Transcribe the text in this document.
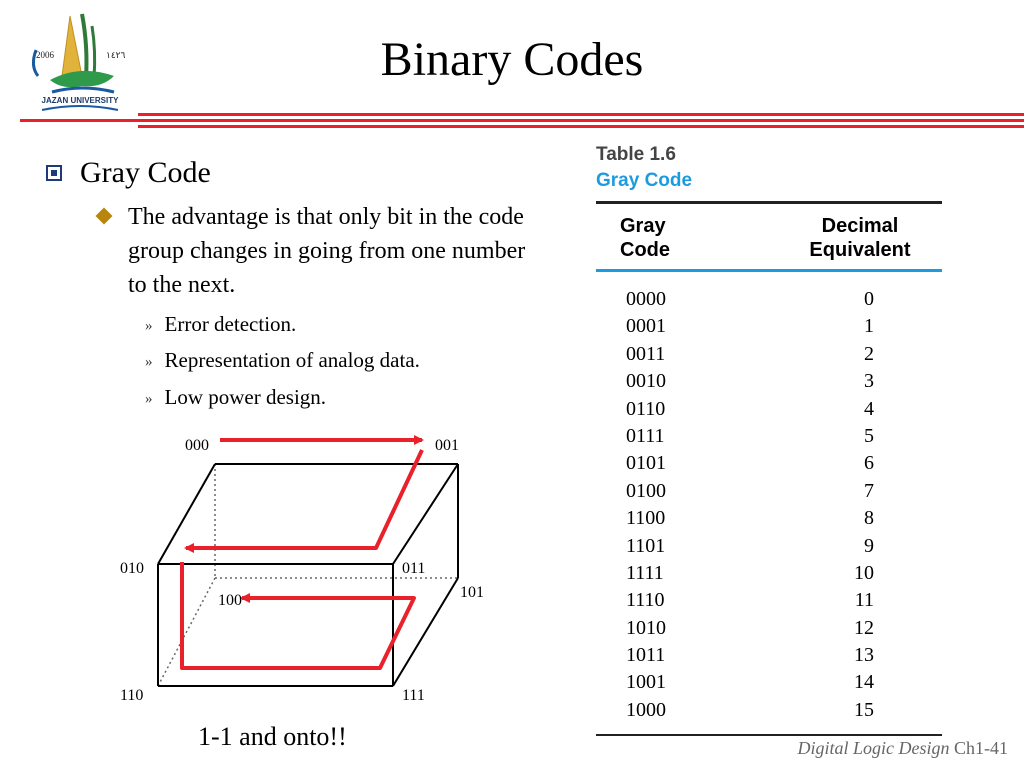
2006	١٤٢٦
JAZAN UNIVERSITY
Binary Codes
Gray Code
The advantage is that only bit in the code group changes in going from one number to the next.
» Error detection.
» Representation of analog data.
» Low power design.
000	001
010	011
100	101
110	111
1-1 and onto!!
Table 1.6
Gray Code
Gray
Code
Decimal
Equivalent
0000	0
0001	1
0011	2
0010	3
0110	4
0111	5
0101	6
0100	7
1100	8
1101	9
1111	10
1110	11
1010	12
1011	13
1001	14
1000	15
Digital Logic Design Ch1-41
